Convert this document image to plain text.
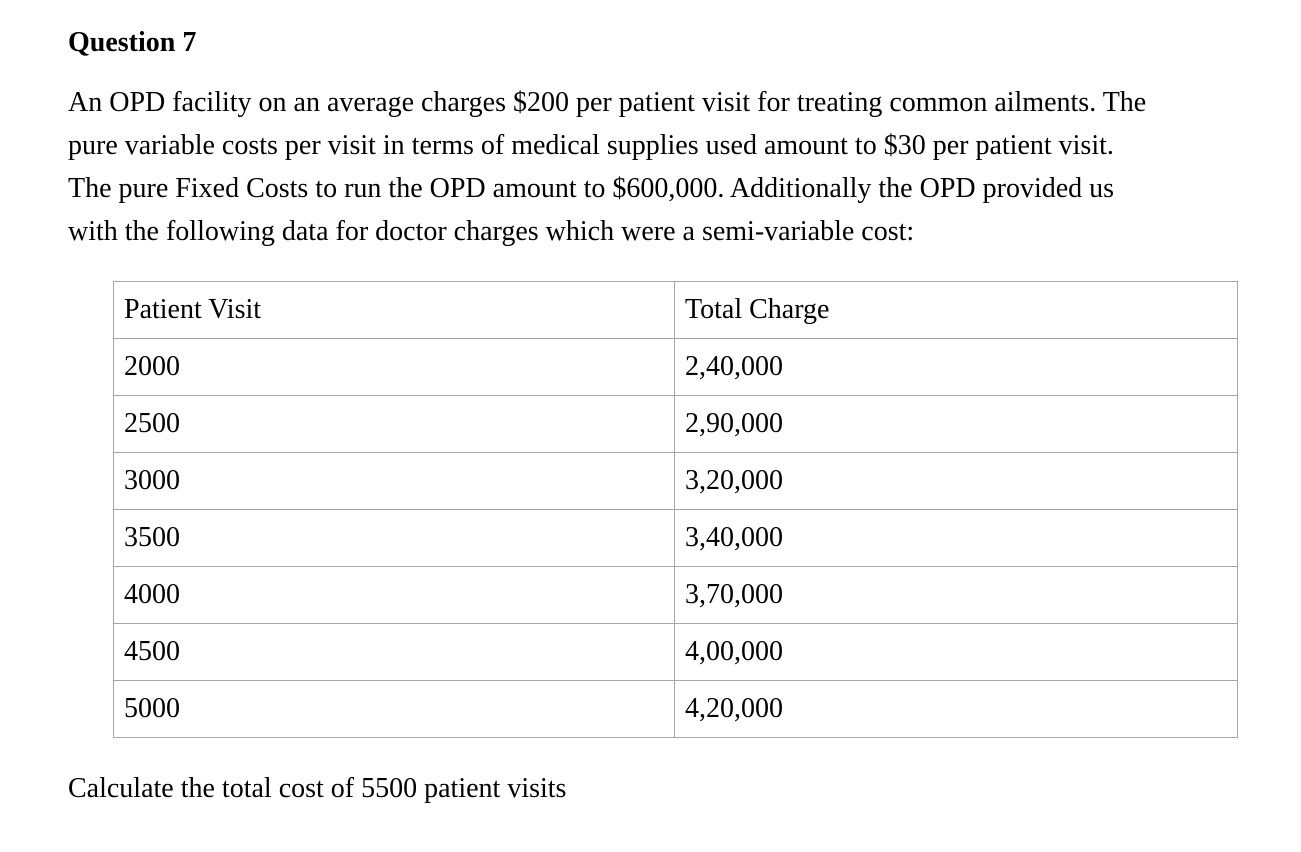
Question 7
An OPD facility on an average charges $200 per patient visit for treating common ailments. The
pure variable costs per visit in terms of medical supplies used amount to $30 per patient visit.
The pure Fixed Costs to run the OPD amount to $600,000. Additionally the OPD provided us
with the following data for doctor charges which were a semi-variable cost:
Patient Visit	Total Charge
2000	2,40,000
2500	2,90,000
3000	3,20,000
3500	3,40,000
4000	3,70,000
4500	4,00,000
5000	4,20,000
Calculate the total cost of 5500 patient visits
